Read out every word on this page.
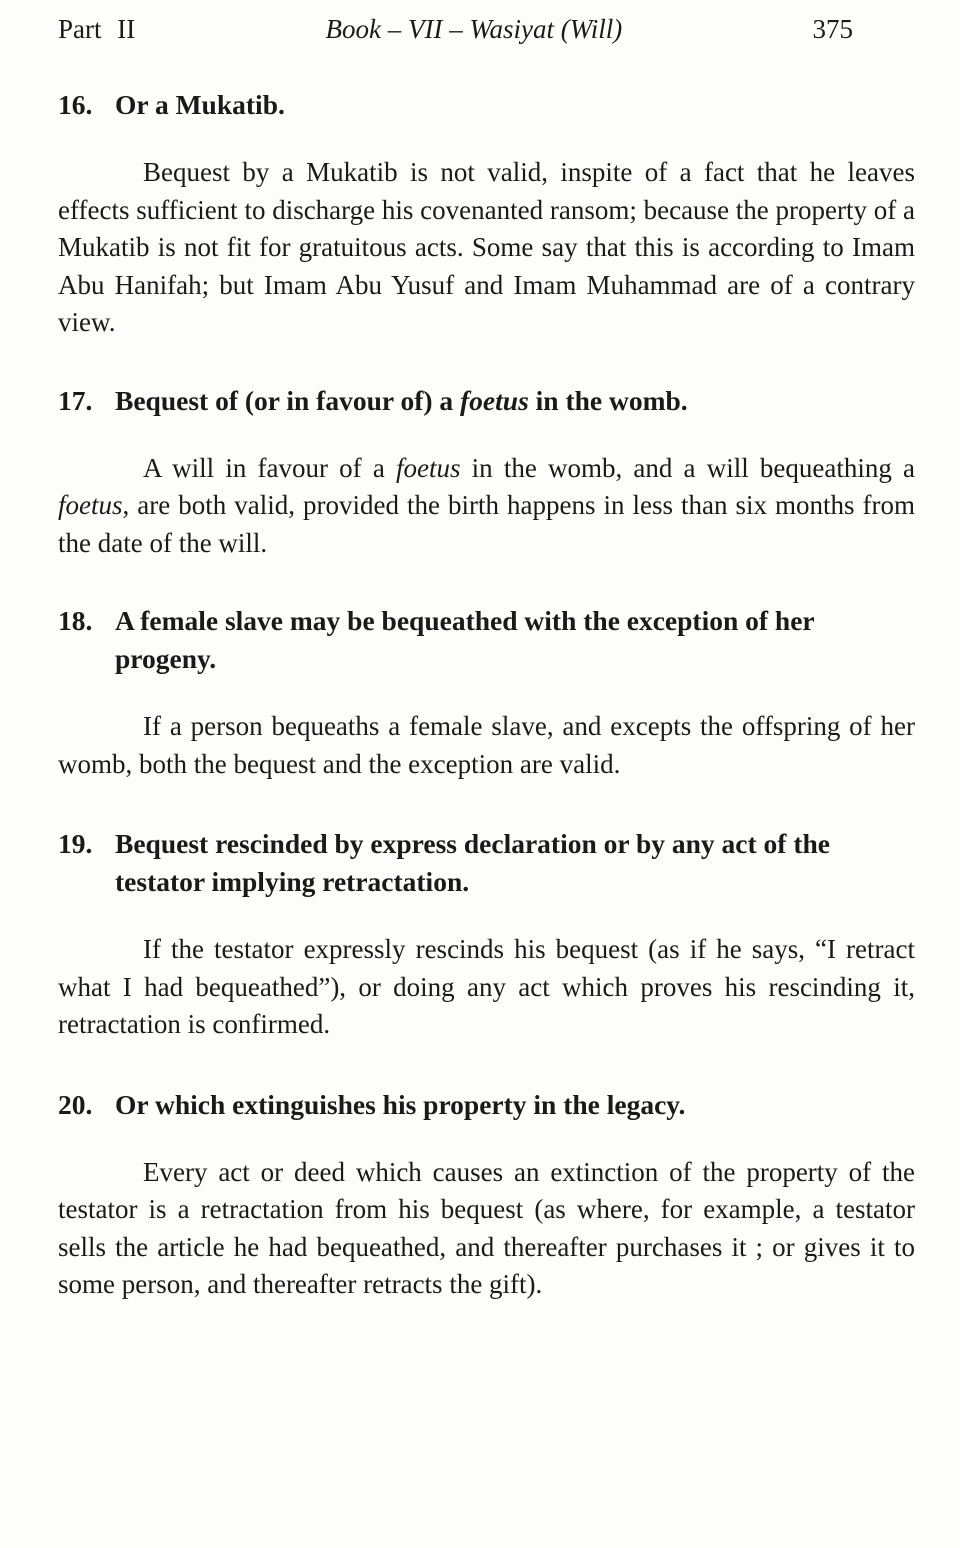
Part II	Book – VII – Wasiyat (Will)	375
16. Or a Mukatib.

Bequest by a Mukatib is not valid, inspite of a fact that he leaves effects sufficient to discharge his covenanted ransom; because the property of a Mukatib is not fit for gratuitous acts. Some say that this is according to Imam Abu Hanifah; but Imam Abu Yusuf and Imam Muhammad are of a contrary view.

17. Bequest of (or in favour of) a foetus in the womb.

A will in favour of a foetus in the womb, and a will bequeathing a foetus, are both valid, provided the birth happens in less than six months from the date of the will.

18. A female slave may be bequeathed with the exception of her progeny.

If a person bequeaths a female slave, and excepts the offspring of her womb, both the bequest and the exception are valid.

19. Bequest rescinded by express declaration or by any act of the testator implying retractation.

If the testator expressly rescinds his bequest (as if he says, “I retract what I had bequeathed”), or doing any act which proves his rescinding it, retractation is confirmed.

20. Or which extinguishes his property in the legacy.

Every act or deed which causes an extinction of the property of the testator is a retractation from his bequest (as where, for example, a testator sells the article he had bequeathed, and thereafter purchases it ; or gives it to some person, and thereafter retracts the gift).
